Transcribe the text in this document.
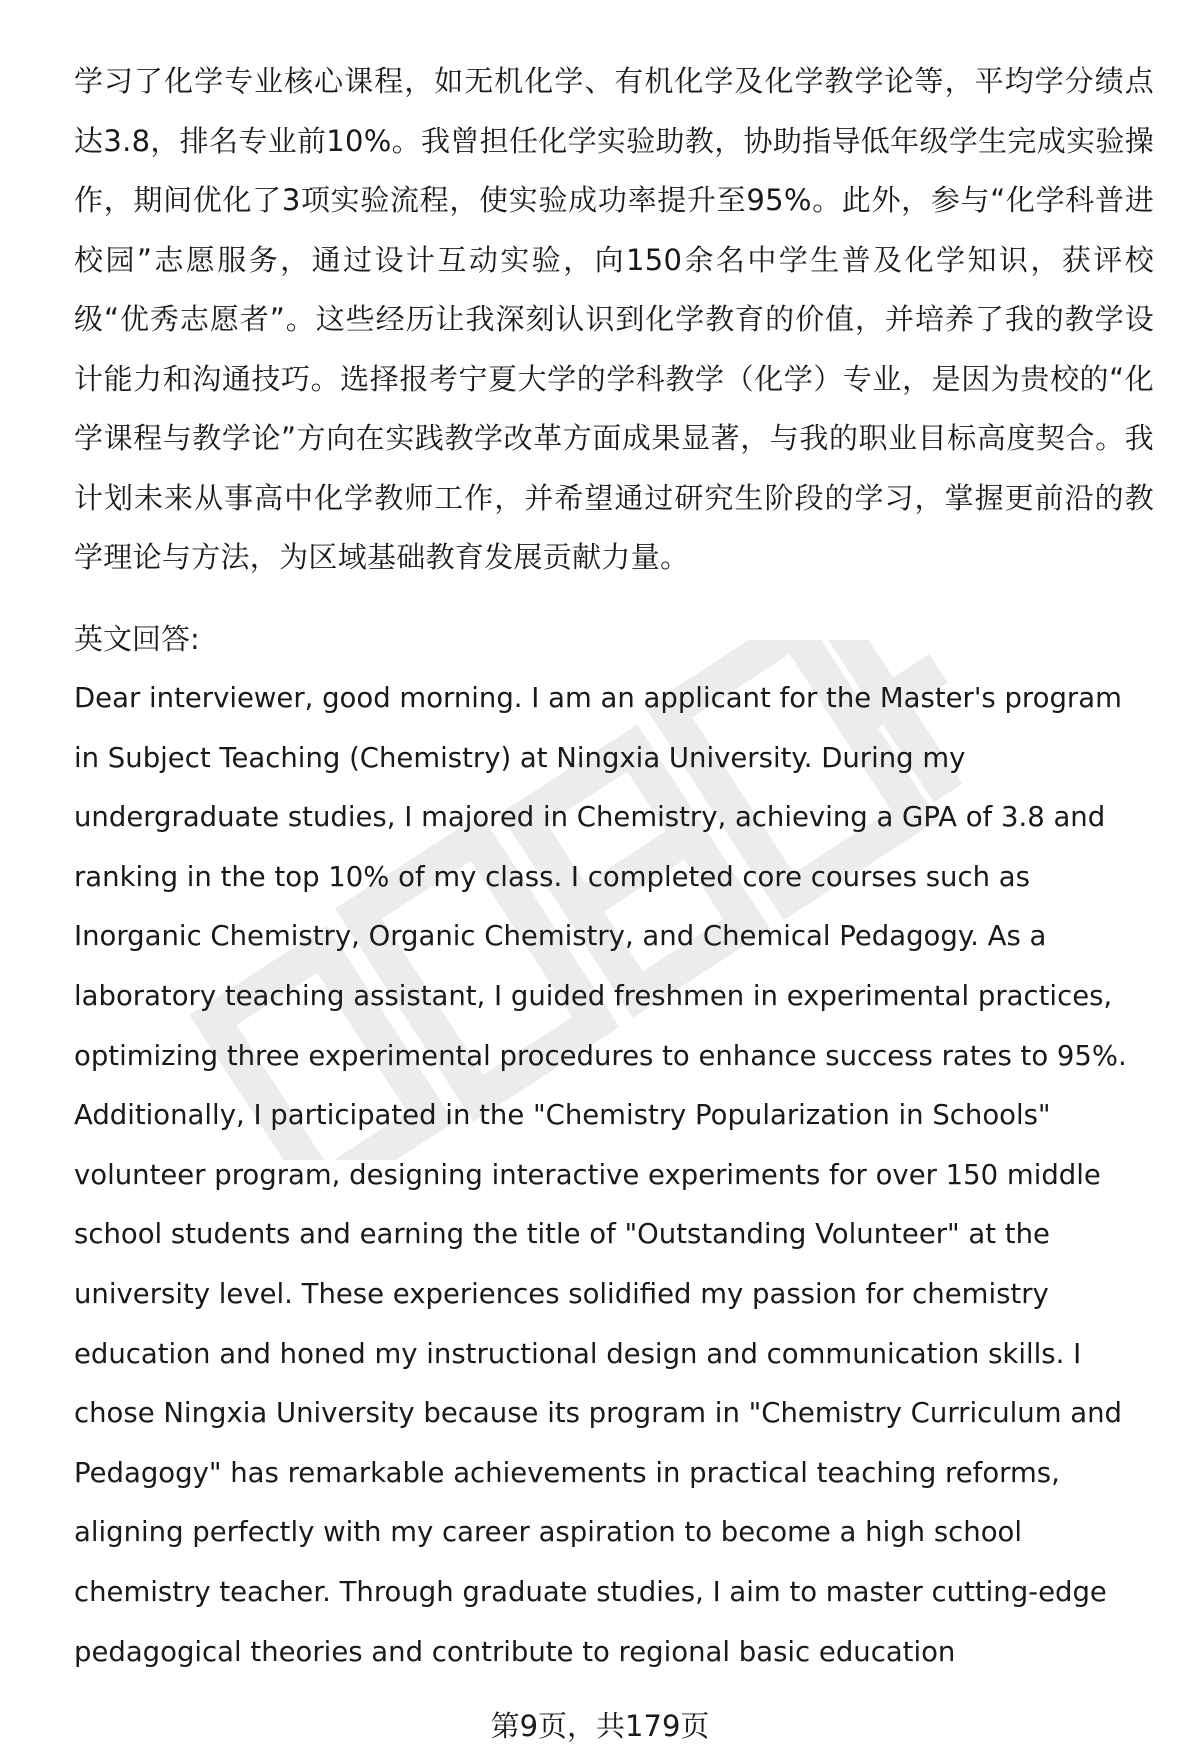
学习了化学专业核心课程，如无机化学、有机化学及化学教学论等，平均学分绩点达3.8，排名专业前10%。我曾担任化学实验助教，协助指导低年级学生完成实验操作，期间优化了3项实验流程，使实验成功率提升至95%。此外，参与“化学科普进校园”志愿服务，通过设计互动实验，向150余名中学生普及化学知识，获评校级“优秀志愿者”。这些经历让我深刻认识到化学教育的价值，并培养了我的教学设计能力和沟通技巧。选择报考宁夏大学的学科教学（化学）专业，是因为贵校的“化学课程与教学论”方向在实践教学改革方面成果显著，与我的职业目标高度契合。我计划未来从事高中化学教师工作，并希望通过研究生阶段的学习，掌握更前沿的教学理论与方法，为区域基础教育发展贡献力量。

英文回答:

Dear interviewer, good morning. I am an applicant for the Master's program in Subject Teaching (Chemistry) at Ningxia University. During my undergraduate studies, I majored in Chemistry, achieving a GPA of 3.8 and ranking in the top 10% of my class. I completed core courses such as Inorganic Chemistry, Organic Chemistry, and Chemical Pedagogy. As a laboratory teaching assistant, I guided freshmen in experimental practices, optimizing three experimental procedures to enhance success rates to 95%. Additionally, I participated in the "Chemistry Popularization in Schools" volunteer program, designing interactive experiments for over 150 middle school students and earning the title of "Outstanding Volunteer" at the university level. These experiences solidified my passion for chemistry education and honed my instructional design and communication skills. I chose Ningxia University because its program in "Chemistry Curriculum and Pedagogy" has remarkable achievements in practical teaching reforms, aligning perfectly with my career aspiration to become a high school chemistry teacher. Through graduate studies, I aim to master cutting-edge pedagogical theories and contribute to regional basic education

第9页，共179页
